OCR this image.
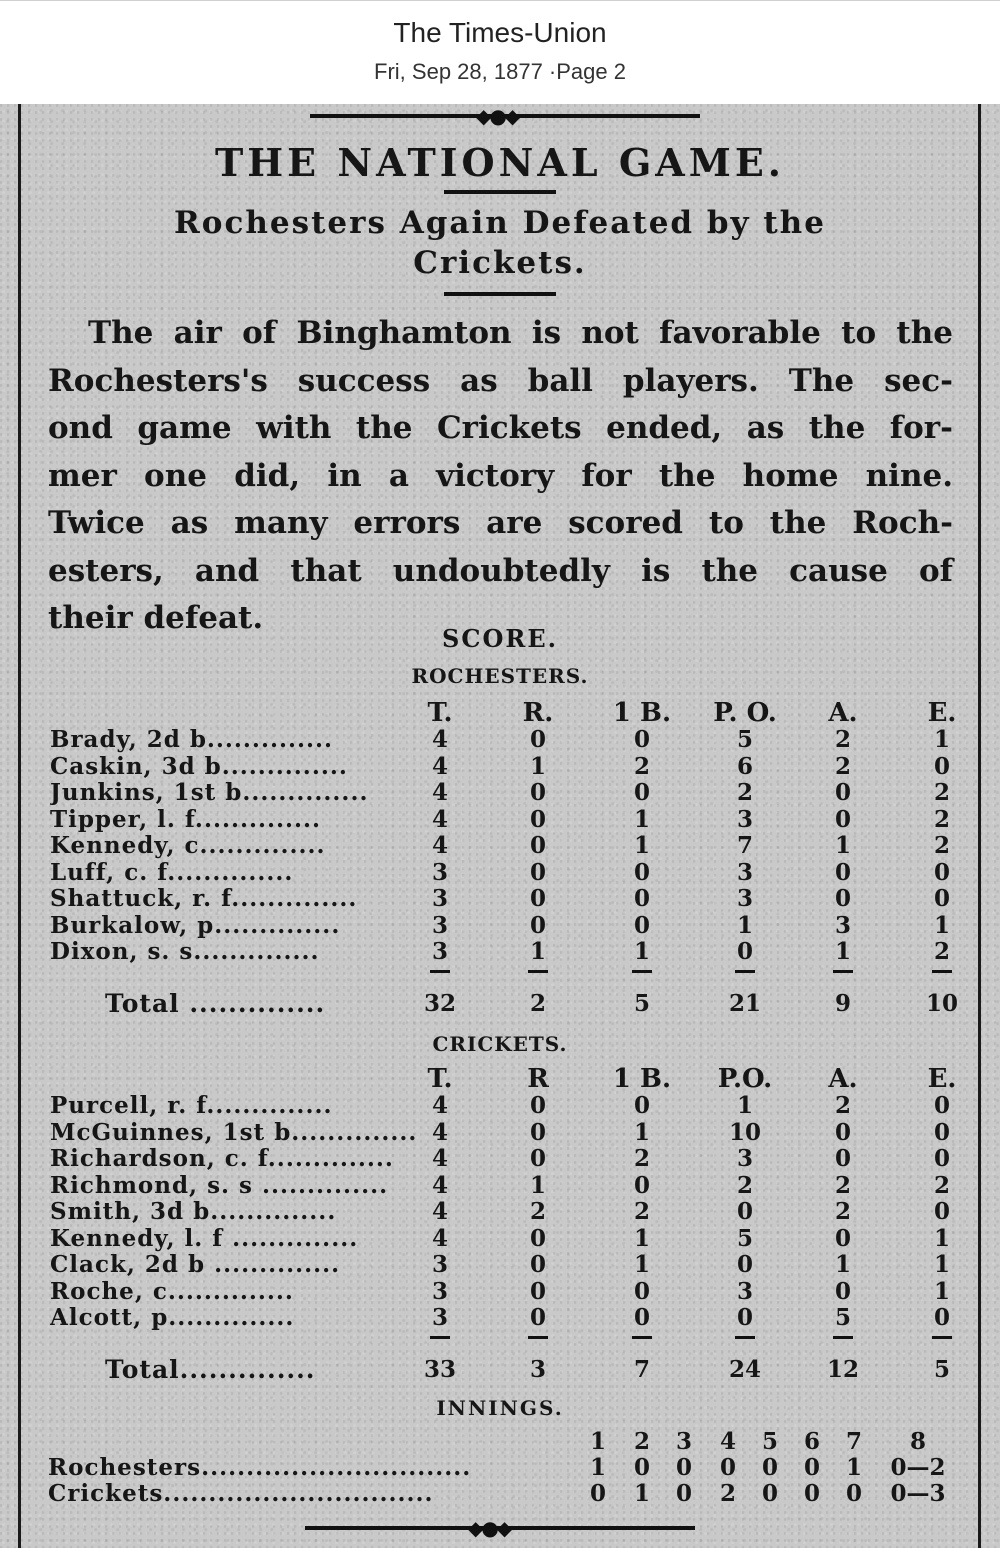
The Times-Union
Fri, Sep 28, 1877 ·Page 2
◆●◆
THE NATIONAL GAME.
Rochesters Again Defeated by the
Crickets.
The air of Binghamton is not favorable to the
Rochesters's success as ball players. The sec-
ond game with the Crickets ended, as the for-
mer one did, in a victory for the home nine.
Twice as many errors are scored to the Roch-
esters, and that undoubtedly is the cause of
their defeat.
SCORE.
ROCHESTERS.
T.	R.	1 B. P. O.	A.	E.
Brady, 2d b..............	4	0	0	5	2	1
Caskin, 3d b..............	4	1	2	6	2	0
Junkins, 1st b..............	4	0	0	2	0	2
Tipper, l. f..............	4	0	1	3	0	2
Kennedy, c..............	4	0	1	7	1	2
Luff, c. f..............	3	0	0	3	0	0
Shattuck, r. f..............	3	0	0	3	0	0
Burkalow, p..............	3	0	0	1	3	1
Dixon, s. s..............	3	1	1	0	1	2
Total ..............	32	2	5	21	9	10
CRICKETS.
T.	R	1 B. P.O.	A.	E.
Purcell, r. f..............	4	0	0	1	2	0
McGuinnes, 1st b.............. 4	0	1	10	0	0
Richardson, c. f..............	4	0	2	3	0	0
Richmond, s. s ..............	4	1	0	2	2	2
Smith, 3d b..............	4	2	2	0	2	0
Kennedy, l. f ..............	4	0	1	5	0	1
Clack, 2d b ..............	3	0	1	0	1	1
Roche, c..............	3	0	0	3	0	1
Alcott, p..............	3	0	0	0	5	0
Total..............	33	3	7	24	12	5
INNINGS.
1 2 3 4 5 6 7 8
Rochesters..............................	1 0 0 0 0 0 1 0—2
Crickets..............................	0 1 0 2 0 0 0 0—3
◆●◆
